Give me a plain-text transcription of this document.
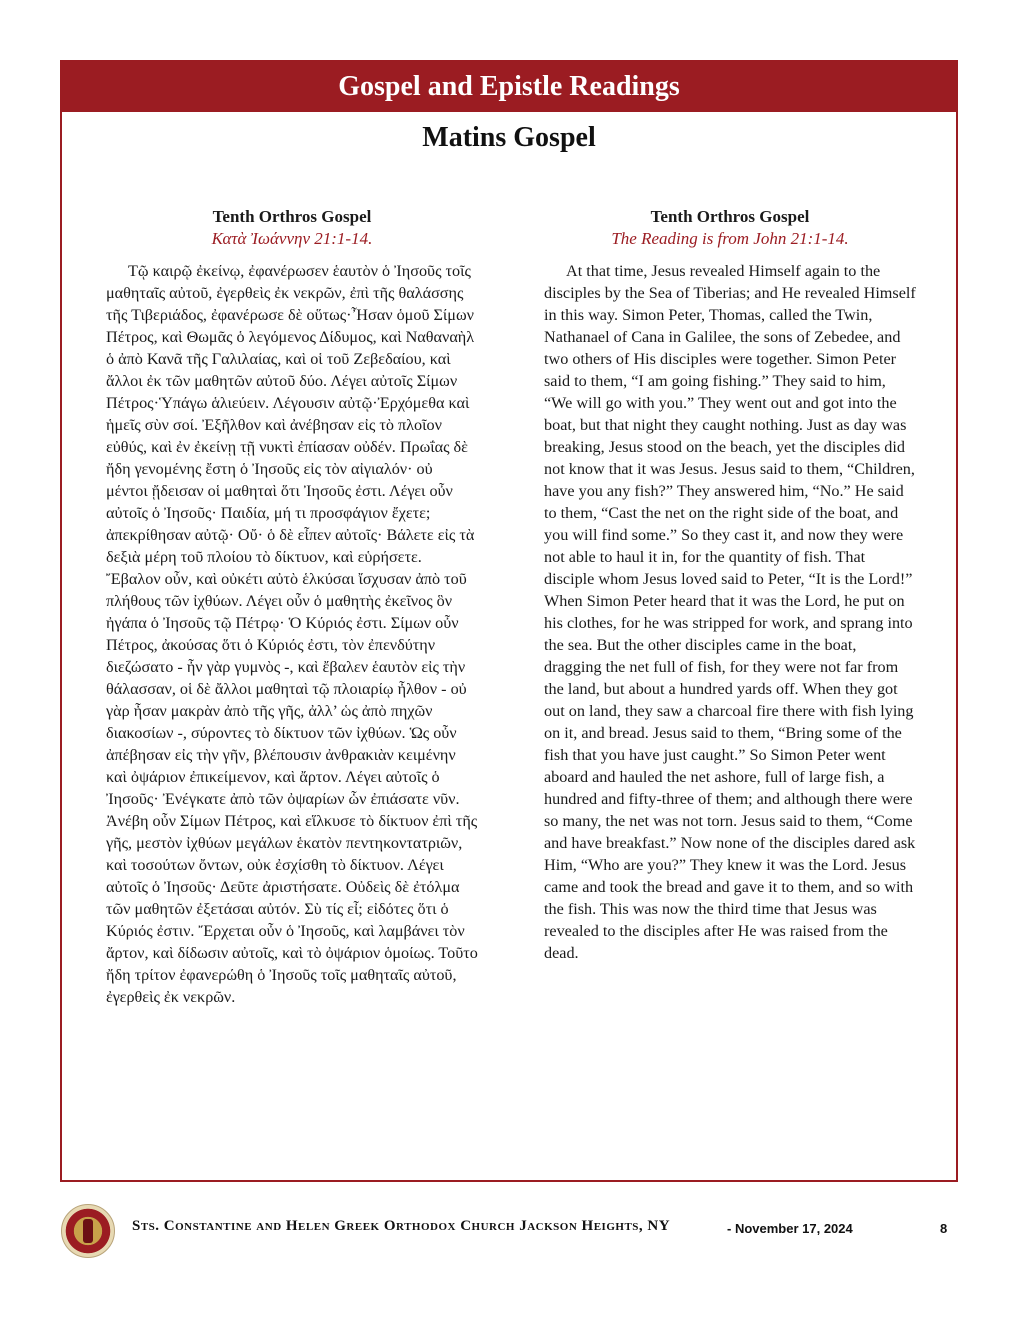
Gospel and Epistle Readings
Matins Gospel
Tenth Orthros Gospel
Κατὰ Ἰωάννην 21:1-14.

Τῷ καιρῷ ἐκείνῳ, ἐφανέρωσεν ἑαυτὸν ὁ Ἰησοῦς τοῖς μαθηταῖς αὐτοῦ, ἐγερθεὶς ἐκ νεκρῶν, ἐπὶ τῆς θαλάσσης τῆς Τιβεριάδος, ἐφανέρωσε δὲ οὕτως·Ἦσαν ὁμοῦ Σίμων Πέτρος, καὶ Θωμᾶς ὁ λεγόμενος Δίδυμος, καὶ Ναθαναὴλ ὁ ἀπὸ Κανᾶ τῆς Γαλιλαίας, καὶ οἱ τοῦ Ζεβεδαίου, καὶ ἄλλοι ἐκ τῶν μαθητῶν αὐτοῦ δύο. Λέγει αὐτοῖς Σίμων Πέτρος·Ὑπάγω ἁλιεύειν. Λέγουσιν αὐτῷ·Ἐρχόμεθα καὶ ἡμεῖς σὺν σοί. Ἐξῆλθον καὶ ἀνέβησαν εἰς τὸ πλοῖον εὐθύς, καὶ ἐν ἐκείνῃ τῇ νυκτὶ ἐπίασαν οὐδέν. Πρωΐας δὲ ἤδη γενομένης ἔστη ὁ Ἰησοῦς εἰς τὸν αἰγιαλόν· οὐ μέντοι ᾔδεισαν οἱ μαθηταὶ ὅτι Ἰησοῦς ἐστι. Λέγει οὖν αὐτοῖς ὁ Ἰησοῦς· Παιδία, μή τι προσφάγιον ἔχετε; ἀπεκρίθησαν αὐτῷ· Οὔ· ὁ δὲ εἶπεν αὐτοῖς· Βάλετε εἰς τὰ δεξιὰ μέρη τοῦ πλοίου τὸ δίκτυον, καὶ εὑρήσετε. Ἔβαλον οὖν, καὶ οὐκέτι αὐτὸ ἑλκύσαι ἴσχυσαν ἀπὸ τοῦ πλήθους τῶν ἰχθύων. Λέγει οὖν ὁ μαθητὴς ἐκεῖνος ὃν ἠγάπα ὁ Ἰησοῦς τῷ Πέτρῳ· Ὁ Κύριός ἐστι. Σίμων οὖν Πέτρος, ἀκούσας ὅτι ὁ Κύριός ἐστι, τὸν ἐπενδύτην διεζώσατο - ἦν γὰρ γυμνὸς -, καὶ ἔβαλεν ἑαυτὸν εἰς τὴν θάλασσαν, οἱ δὲ ἄλλοι μαθηταὶ τῷ πλοιαρίῳ ἦλθον - οὐ γὰρ ἦσαν μακρὰν ἀπὸ τῆς γῆς, ἀλλ’ ὡς ἀπὸ πηχῶν διακοσίων -, σύροντες τὸ δίκτυον τῶν ἰχθύων. Ὡς οὖν ἀπέβησαν εἰς τὴν γῆν, βλέπουσιν ἀνθρακιὰν κειμένην καὶ ὀψάριον ἐπικείμενον, καὶ ἄρτον. Λέγει αὐτοῖς ὁ Ἰησοῦς· Ἐνέγκατε ἀπὸ τῶν ὀψαρίων ὧν ἐπιάσατε νῦν. Ἀνέβη οὖν Σίμων Πέτρος, καὶ εἵλκυσε τὸ δίκτυον ἐπὶ τῆς γῆς, μεστὸν ἰχθύων μεγάλων ἑκατὸν πεντηκοντατριῶν, καὶ τοσούτων ὄντων, οὐκ ἐσχίσθη τὸ δίκτυον. Λέγει αὐτοῖς ὁ Ἰησοῦς· Δεῦτε ἀριστήσατε. Οὐδεὶς δὲ ἐτόλμα τῶν μαθητῶν ἐξετάσαι αὐτόν. Σὺ τίς εἶ; εἰδότες ὅτι ὁ Κύριός ἐστιν. Ἔρχεται οὖν ὁ Ἰησοῦς, καὶ λαμβάνει τὸν ἄρτον, καὶ δίδωσιν αὐτοῖς, καὶ τὸ ὀψάριον ὁμοίως. Τοῦτο ἤδη τρίτον ἐφανερώθη ὁ Ἰησοῦς τοῖς μαθηταῖς αὐτοῦ, ἐγερθεὶς ἐκ νεκρῶν.

Tenth Orthros Gospel
The Reading is from John 21:1-14.

At that time, Jesus revealed Himself again to the disciples by the Sea of Tiberias; and He revealed Himself in this way. Simon Peter, Thomas, called the Twin, Nathanael of Cana in Galilee, the sons of Zebedee, and two others of His disciples were together. Simon Peter said to them, “I am going fishing.” They said to him, “We will go with you.” They went out and got into the boat, but that night they caught nothing. Just as day was breaking, Jesus stood on the beach, yet the disciples did not know that it was Jesus. Jesus said to them, “Children, have you any fish?” They answered him, “No.” He said to them, “Cast the net on the right side of the boat, and you will find some.” So they cast it, and now they were not able to haul it in, for the quantity of fish. That disciple whom Jesus loved said to Peter, “It is the Lord!” When Simon Peter heard that it was the Lord, he put on his clothes, for he was stripped for work, and sprang into the sea. But the other disciples came in the boat, dragging the net full of fish, for they were not far from the land, but about a hundred yards off. When they got out on land, they saw a charcoal fire there with fish lying on it, and bread. Jesus said to them, “Bring some of the fish that you have just caught.” So Simon Peter went aboard and hauled the net ashore, full of large fish, a hundred and fifty-three of them; and although there were so many, the net was not torn. Jesus said to them, “Come and have breakfast.” Now none of the disciples dared ask Him, “Who are you?” They knew it was the Lord. Jesus came and took the bread and gave it to them, and so with the fish. This was now the third time that Jesus was revealed to the disciples after He was raised from the dead.

Sts. Constantine and Helen Greek Orthodox Church Jackson Heights, NY	- November 17, 2024	8
